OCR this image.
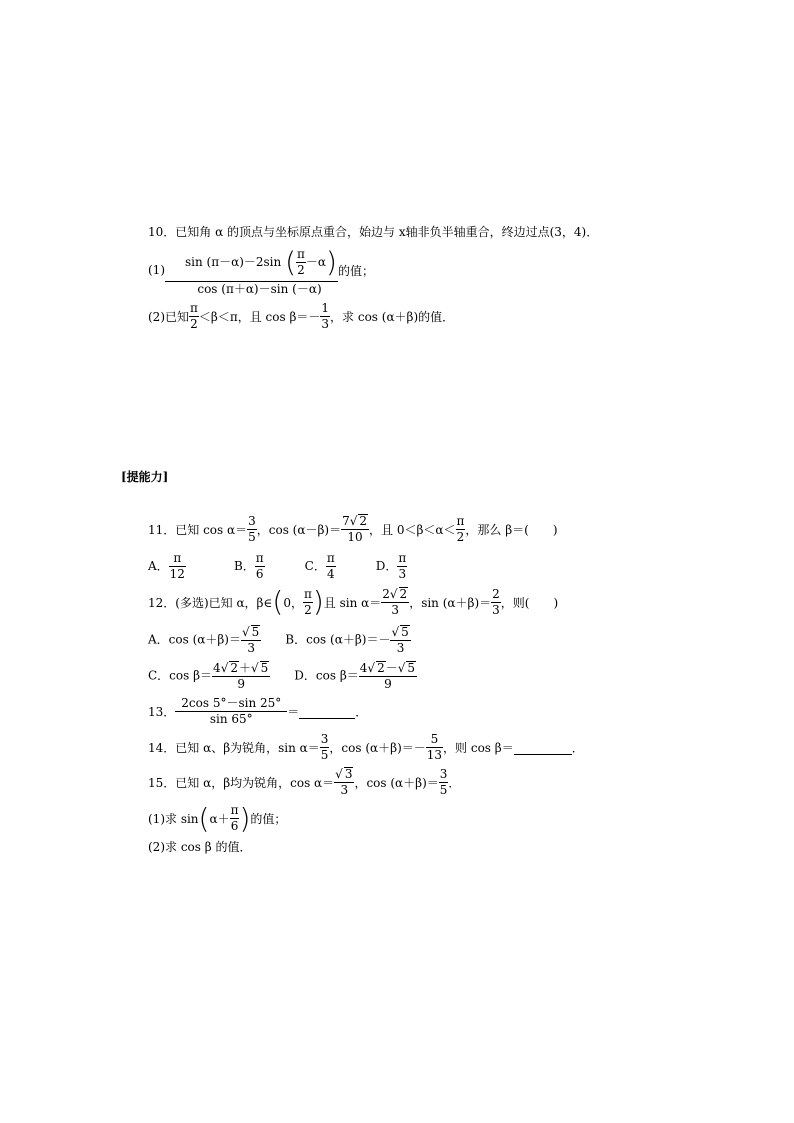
10．已知角 α 的顶点与坐标原点重合，始边与 x轴非负半轴重合，终边过点(3，4)．
$(1) \frac{\sin (\pi-\alpha)-2\sin ( \frac{\pi}{2} -\alpha)}{\cos (\pi+\alpha)-\sin (-\alpha)}$ 的值；
(2)已知 $\frac{\pi}{2} <\beta<\pi$，且 $\cos \beta=- \frac{1}{3}$ ，求 cos (α＋β)的值．
[提能力]
11．已知 $\cos \alpha= \frac{3}{5}$ ，$\cos (\alpha-\beta)= \frac{7√ 2}{10}$ ，且 $0<\beta<\alpha< \frac{\pi}{2}$ ，那么 β＝(　　)
A． $\frac{\pi}{12}$	B． $\frac{\pi}{6}$	C． $\frac{\pi}{4}$	D． $\frac{\pi}{3}$
12．(多选)已知 α，β∈ ( 0， $\frac{\pi}{2}$ ) 且 $\sin \alpha= \frac{2√ 2}{3}$ ，$\sin (\alpha+\beta)= \frac{2}{3}$ ，则(　　)
A．$\cos (\alpha+\beta)= \frac{√ 5}{3}$ B．$\cos (\alpha+\beta)=- \frac{√ 5}{3}$
C．$\cos \beta= \frac{4√ 2+√ 5}{9}$ D．$\cos \beta= \frac{4√ 2-√ 5}{9}$
13． $\frac{2\cos 5^\circ-\sin 25^\circ}{\sin 65^\circ}$ ＝	．
14．已知 α、β为锐角，$\sin \alpha= \frac{3}{5}$ ，$\cos (\alpha+\beta)=- \frac{5}{13}$ ，则 cos β＝	．
15．已知 α，β均为锐角，$\cos \alpha= \frac{√ 3}{3}$ ，$\cos (\alpha+\beta)= \frac{3}{5}$ ．
(1)求 sin ( $\alpha+ \frac{\pi}{6}$ ) 的值；
(2)求 cos β 的值．
